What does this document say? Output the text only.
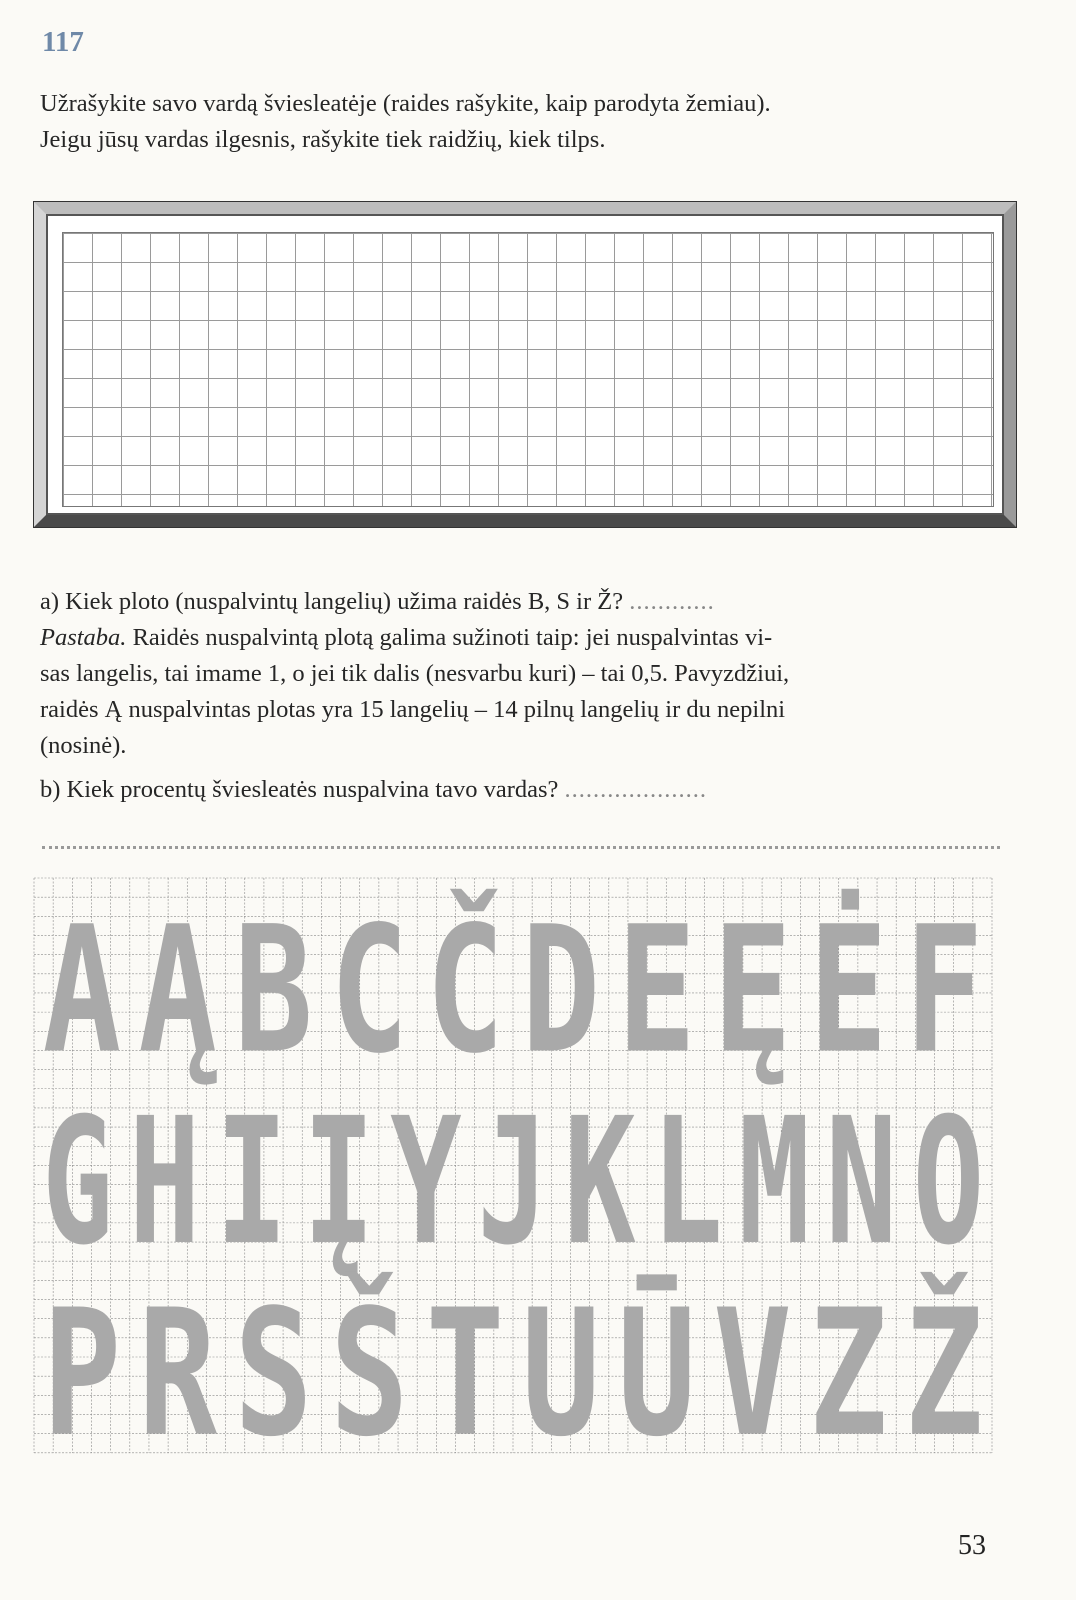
117
Užrašykite savo vardą šviesleatėje (raides rašykite, kaip parodyta žemiau).
Jeigu jūsų vardas ilgesnis, rašykite tiek raidžių, kiek tilps.
a) Kiek ploto (nuspalvintų langelių) užima raidės B, S ir Ž? ............
Pastaba. Raidės nuspalvintą plotą galima sužinoti taip: jei nuspalvintas vi-
sas langelis, tai imame 1, o jei tik dalis (nesvarbu kuri) – tai 0,5. Pavyzdžiui,
raidės Ą nuspalvintas plotas yra 15 langelių – 14 pilnų langelių ir du nepilni
(nosinė).
b) Kiek procentų šviesleatės nuspalvina tavo vardas? ....................
A Ą B C Č
D E Ę Ė
F
G H I Į Y J K L M N O
P R S Š
T U Ū V Z Ž
53
